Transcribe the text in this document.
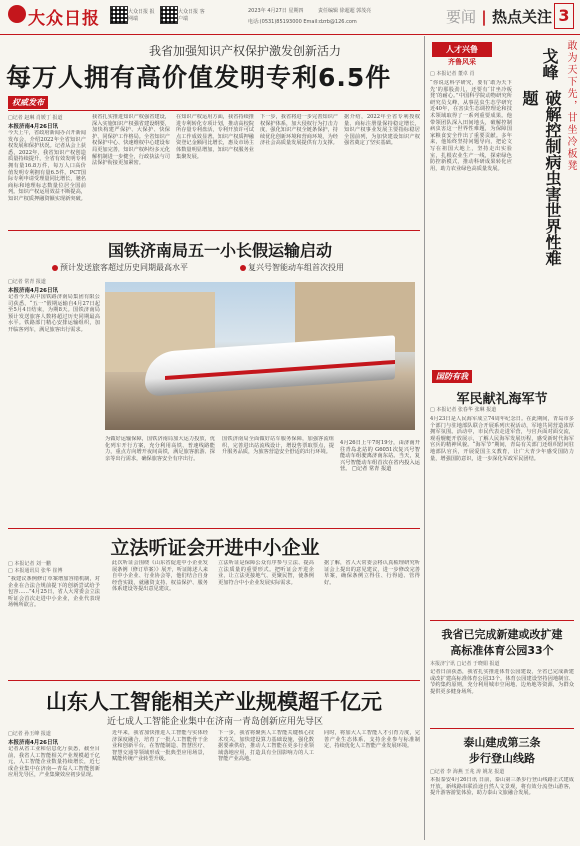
大众日报	大众日报 报网端
大众日报 客户端
2023年 4月27日 星期四	责任编辑 徐超超 郭茂亮
电话:(0531)85193000 Email:dzrb@126.com	要闻 | 热点关注 3
我省加强知识产权保护激发创新活力
每万人拥有高价值发明专利6.5件
权威发布
□记者 赵琳 肖媛丁 报道
本报济南4月26日讯
今天上午，省政府新闻办召开新闻发布会，介绍2022年全省知识产权发展和保护状况。记者从会上获悉，2022年，我省知识产权创造质量持续提升，全省有效发明专利拥有量16.8万件，每万人口高价值发明专利拥有量6.5件。PCT国际专利申请受理量同比增长，驰名商标和地理标志数量位居全国前列。知识产权运用效益不断提高，知识产权质押融资额实现新突破。
我省扎实推进知识产权强省建设，深入实施知识产权强省建设纲要，加快构建严保护、大保护、快保护、同保护工作格局。全省知识产权保护中心、快速维权中心建设布局更加完善，知识产权纠纷多元化解机制进一步健全，行政执法与司法保护衔接更加紧密。
在知识产权运用方面，我省持续推进专利转化专项计划，推动高校院所存量专利盘活，专利开放许可试点工作成效显著。知识产权质押融资登记金额同比增长，惠及市场主体数量明显增加，知识产权服务业集聚发展。
下一步，我省将进一步完善知识产权保护体系，加大侵权行为打击力度，强化知识产权全链条保护，持续优化创新环境和营商环境，为经济社会高质量发展提供有力支撑。
据介绍，2022年全省专利授权量、商标注册量保持稳定增长，知识产权事业发展主要指标稳居全国前列，为加快建设知识产权强省奠定了坚实基础。	敢为天下先，甘坐冷板凳
人才兴鲁
齐鲁风采	戈峰
破解控制病虫害世界性难题
□ 本报记者 董卓 肖
“你说这科学研究，要有‘敢为天下先’的那股劲儿，还要有‘甘坐冷板凳’的耐心。”中国科学院动物研究所研究员戈峰，从事昆虫生态学研究近40年，在害虫生态调控理论和技术领域取得了一系列重要成果。他带领团队深入田间地头，破解控制病虫害这一世界性难题，为保障国家粮食安全作出了重要贡献。多年来，他始终坚持问题导向，把论文写在祖国大地上，坚持走出实验室，扎根农业生产一线，探索绿色防控新模式，推动科研成果转化应用，助力农业绿色高质量发展。
国铁济南局五一小长假运输启动
预计发送旅客超过历史同期最高水平	复兴号智能动车组首次投用
□记者 常青 报道
本报济南4月26日讯
记者今天从中国铁路济南局集团有限公司获悉，“五一”假期运输自4月27日起至5月4日结束，为期8天。国铁济南局预计发送旅客人数将超过历史同期最高水平。铁路部门精心安排运输组织，加开临客列车，满足旅客出行需求。
4月26日上午7时19分，由济南开往青岛北站的 G6051次复兴号智能动车组驶离济南东站。当天，复兴号智能动车组首次在省内投入运营。 □记者 常青 报道
为做好运输保障，国铁济南局加大运力投放，优化列车开行方案，充分利用高铁、普速线路能力，重点方向增开夜间高铁，满足旅客旅游、探亲等出行需求，确保旅客安全有序出行。
国铁济南局全面做好站车服务保障，加强客流组织，完善进出站流线设计，增设售票取票点，提升服务品质，为旅客营造安全舒适的出行环境。
立法听证会开进中小企业
□ 本报记者 刘一鹏
□ 本报通讯员 张华 崔博
“我建议条例修订草案增加容错机制，对企业在合法合规前提下的创新尝试给予包容……”4月25日，省人大常委会立法听证会首次走进中小企业，企业代表现场畅所欲言。
此次听证会围绕《山东省促进中小企业发展条例（修订草案）》展开，听证陈述人来自中小企业、行业协会等，他们结合自身经营实践，就融资支持、权益保护、服务体系建设等提出意见建议。
立法听证是保障公众有序参与立法、提高立法质量的重要形式。把听证会开进企业，让立法更接地气、更聚民智，使条例更加符合中小企业发展实际需求。
据了解，省人大常委会将认真梳理研究听证会上提出的意见建议，进一步修改完善草案，确保条例立得住、行得通、管得好。
国防有我
军民献礼海军节
□ 本报记者 张春华 张琳 报道
4月23日是人民海军成立74周年纪念日。在此期间，青岛市多个部门与驻地部队联合开展系列庆祝活动，军地共同营造浓厚拥军氛围。活动中，市民代表走进军营，与官兵面对面交流，观看舰艇开放展示，了解人民海军发展历程，感受新时代海军官兵的精神风貌。“海军节”期间，青岛有关部门还组织慰问驻地部队官兵，开展爱国主义教育，让广大青少年感受国防力量，增强国防意识，进一步深化军政军民团结。
我省已完成新建或改扩建
高标准体育公园33个
本报济宁讯 □记者 于晓娟 报道
记者日前获悉，我省扎实推进体育公园建设，全省已完成新建或改扩建高标准体育公园33个。体育公园建设坚持因地制宜、节约集约原则，充分利用城市空闲地、边角地等资源，为群众提供更多健身场所。
泰山建成第三条
步行登山线路
□记者 李 海燕 王兆 涛 姚龙 报道
本报泰安4月26日讯 日前，泰山第三条步行登山线路正式建成开放。新线路串联沿途自然人文景观，将有效分流登山游客，提升游客游览体验，助力泰山文旅融合发展。
山东人工智能相关产业规模超千亿元
近七成人工智能企业集中在济南一青岛创新应用先导区
□记者 孙玉峰 报道
本报济南4月26日讯
记者从省工业和信息化厅获悉，截至目前，我省人工智能相关产业规模超千亿元，人工智能企业数量持续增长，近七成企业集中在济南—青岛人工智能创新应用先导区，产业集聚效应初步显现。
近年来，我省加快推进人工智能与实体经济深度融合，培育了一批人工智能骨干企业和创新平台，在智能制造、智慧医疗、智慧交通等领域形成一批典型应用场景，赋能传统产业转型升级。
下一步，我省将聚焦人工智能关键核心技术攻关，加快建设算力基础设施，强化数据要素供给，推动人工智能在更多行业领域落地应用，打造具有全国影响力的人工智能产业高地。
同时，将加大人工智能人才引育力度，完善产业生态体系，支持企业参与标准制定，持续优化人工智能产业发展环境。
